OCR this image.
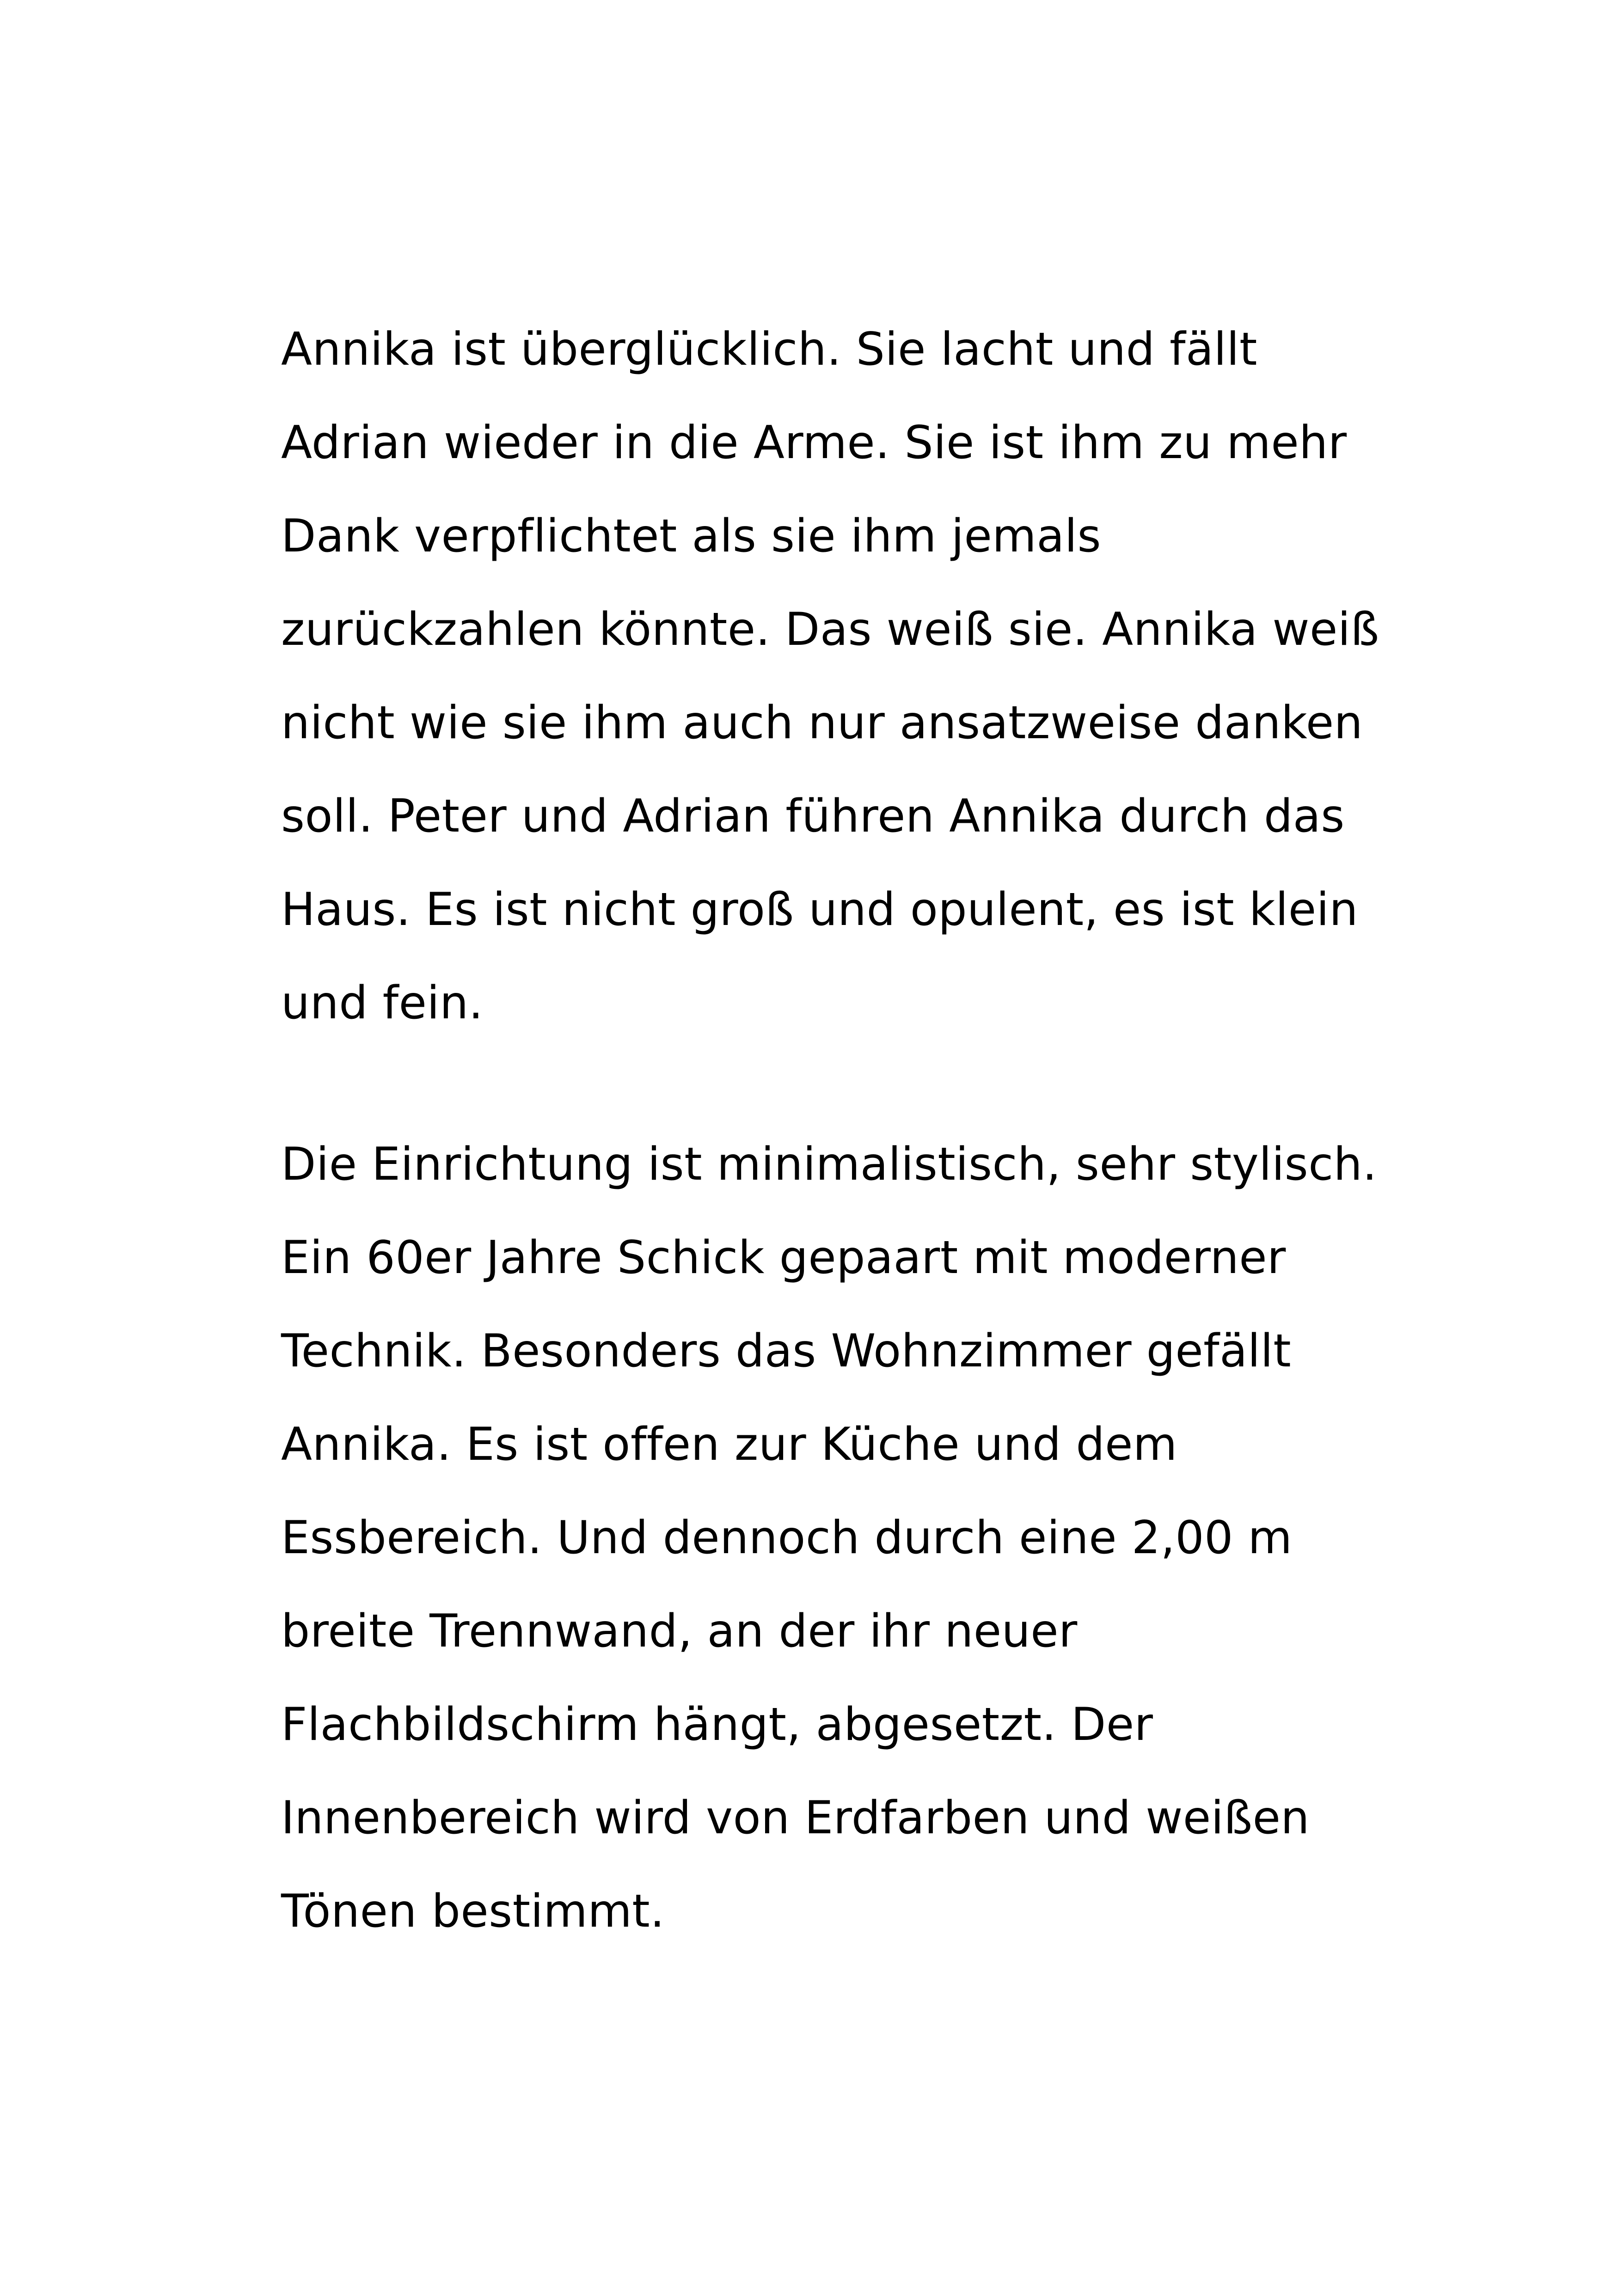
Annika ist überglücklich. Sie lacht und fällt
Adrian wieder in die Arme. Sie ist ihm zu mehr
Dank verpflichtet als sie ihm jemals
zurückzahlen könnte. Das weiß sie. Annika weiß
nicht wie sie ihm auch nur ansatzweise danken
soll. Peter und Adrian führen Annika durch das
Haus. Es ist nicht groß und opulent, es ist klein
und fein.
Die Einrichtung ist minimalistisch, sehr stylisch.
Ein 60er Jahre Schick gepaart mit moderner
Technik. Besonders das Wohnzimmer gefällt
Annika. Es ist offen zur Küche und dem
Essbereich. Und dennoch durch eine 2,00 m
breite Trennwand, an der ihr neuer
Flachbildschirm hängt, abgesetzt. Der
Innenbereich wird von Erdfarben und weißen
Tönen bestimmt.
